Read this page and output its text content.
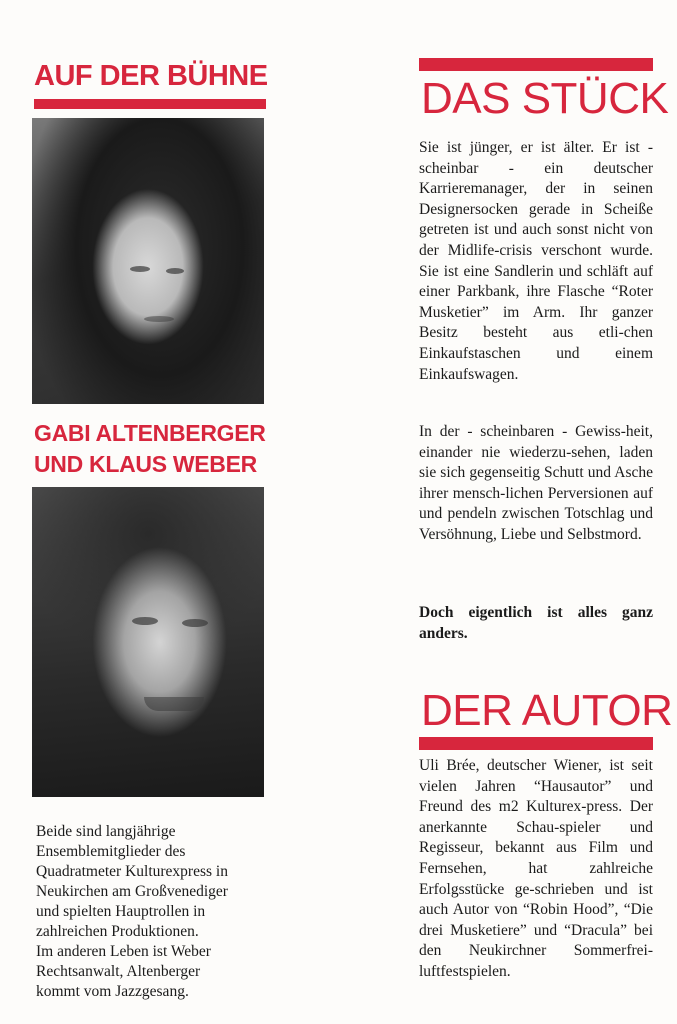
AUF DER BÜHNE
GABI ALTENBERGER
UND KLAUS WEBER

Beide sind langjährige

Ensemblemitglieder des

Quadratmeter Kulturexpress in

Neukirchen am Großvenediger

und spielten Hauptrollen in

zahlreichen Produktionen.

Im anderen Leben ist Weber

Rechtsanwalt, Altenberger

kommt vom Jazzgesang.

DAS STÜCK

Sie ist jünger, er ist älter. Er ist - scheinbar - ein deutscher Karrieremanager, der in seinen Designersocken gerade in Scheiße getreten ist und auch sonst nicht von der Midlife-crisis verschont wurde. Sie ist eine Sandlerin und schläft auf einer Parkbank, ihre Flasche “Roter Musketier” im Arm. Ihr ganzer Besitz besteht aus etli-chen Einkaufstaschen und einem Einkaufswagen.

In der - scheinbaren - Gewiss-heit, einander nie wiederzu-sehen, laden sie sich gegenseitig Schutt und Asche ihrer mensch-lichen Perversionen auf und pendeln zwischen Totschlag und Versöhnung, Liebe und Selbstmord.

Doch eigentlich ist alles ganz anders.

DER AUTOR

Uli Brée, deutscher Wiener, ist seit vielen Jahren “Hausautor” und Freund des m2 Kulturex-press. Der anerkannte Schau-spieler und Regisseur, bekannt aus Film und Fernsehen, hat zahlreiche Erfolgsstücke ge-schrieben und ist auch Autor von “Robin Hood”, “Die drei Musketiere” und “Dracula” bei den Neukirchner Sommerfrei-luftfestspielen.
